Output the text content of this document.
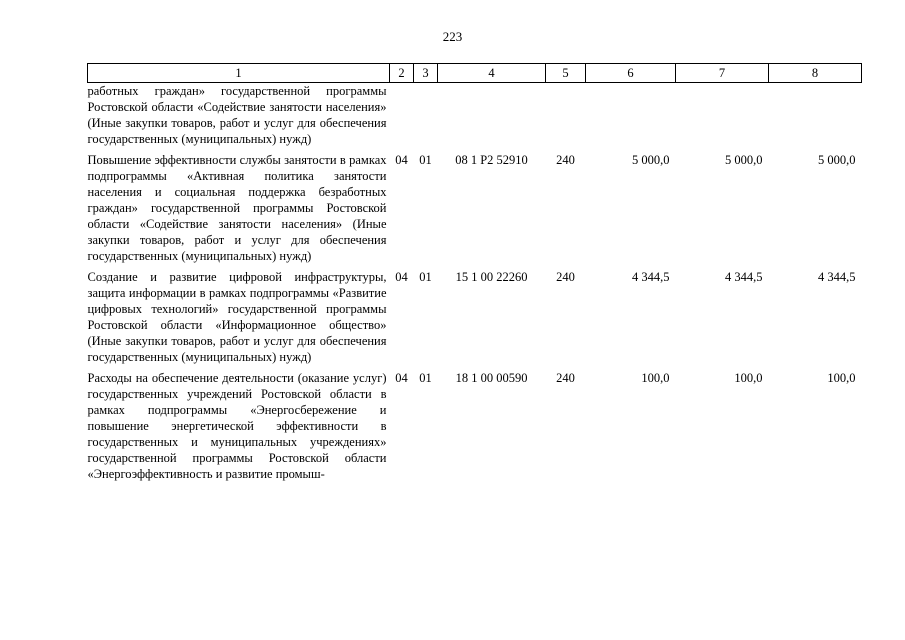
223
1	2	3	4	5	6	7	8
работных граждан» государственной программы Ростовской области «Содействие занятости населения» (Иные закупки товаров, работ и услуг для обеспечения государственных (муниципальных) нужд)							
Повышение эффективности службы занятости в рамках подпрограммы «Активная политика занятости населения и социальная поддержка безработных граждан» государственной программы Ростовской области «Содействие занятости населения» (Иные закупки товаров, работ и услуг для обеспечения государственных (муниципальных) нужд)	04	01	08 1 P2 52910	240	5 000,0	5 000,0	5 000,0
Создание и развитие цифровой инфраструктуры, защита информации в рамках подпрограммы «Развитие цифровых технологий» государственной программы Ростовской области «Информационное общество» (Иные закупки товаров, работ и услуг для обеспечения государственных (муниципальных) нужд)	04	01	15 1 00 22260	240	4 344,5	4 344,5	4 344,5
Расходы на обеспечение деятельности (оказание услуг) государственных учреждений Ростовской области в рамках подпрограммы «Энергосбережение и повышение энергетической эффективности в государственных и муниципальных учреждениях» государственной программы Ростовской области «Энергоэффективность и развитие промыш-	04	01	18 1 00 00590	240	100,0	100,0	100,0
